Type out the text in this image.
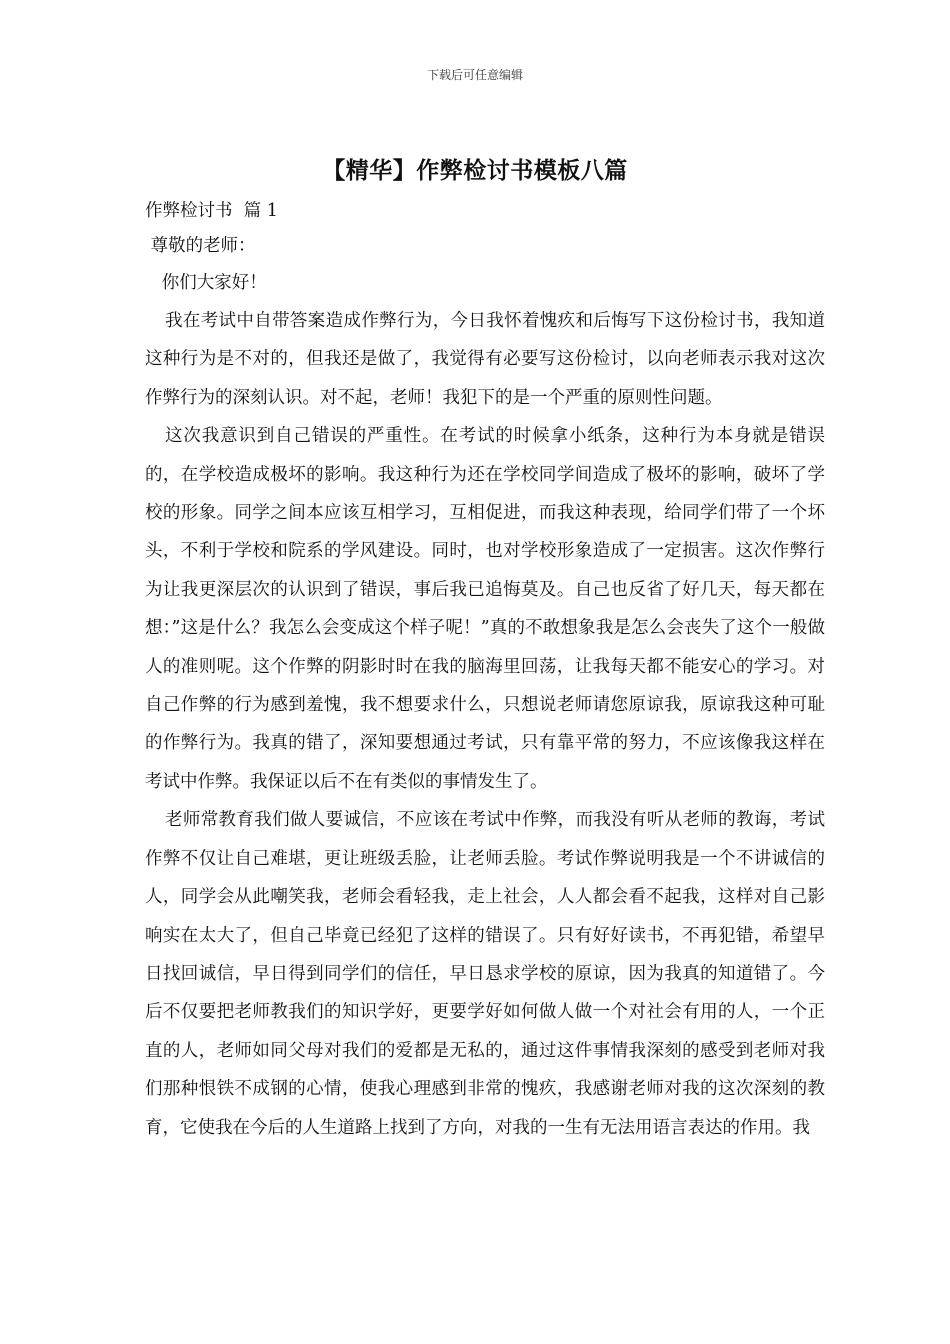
下载后可任意编辑
【精华】作弊检讨书模板八篇
作弊检讨书  篇 1
尊敬的老师：
你们大家好！

我在考试中自带答案造成作弊行为，今日我怀着愧疚和后悔写下这份检讨书，我知道这种行为是不对的，但我还是做了，我觉得有必要写这份检讨，以向老师表示我对这次作弊行为的深刻认识。对不起，老师！我犯下的是一个严重的原则性问题。

这次我意识到自己错误的严重性。在考试的时候拿小纸条，这种行为本身就是错误的，在学校造成极坏的影响。我这种行为还在学校同学间造成了极坏的影响，破坏了学校的形象。同学之间本应该互相学习，互相促进，而我这种表现，给同学们带了一个坏头，不利于学校和院系的学风建设。同时，也对学校形象造成了一定损害。这次作弊行为让我更深层次的认识到了错误，事后我已追悔莫及。自己也反省了好几天，每天都在想：”这是什么？我怎么会变成这个样子呢！”真的不敢想象我是怎么会丧失了这个一般做人的准则呢。这个作弊的阴影时时在我的脑海里回荡，让我每天都不能安心的学习。对自己作弊的行为感到羞愧，我不想要求什么，只想说老师请您原谅我，原谅我这种可耻的作弊行为。我真的错了，深知要想通过考试，只有靠平常的努力，不应该像我这样在考试中作弊。我保证以后不在有类似的事情发生了。

老师常教育我们做人要诚信，不应该在考试中作弊，而我没有听从老师的教诲，考试作弊不仅让自己难堪，更让班级丢脸，让老师丢脸。考试作弊说明我是一个不讲诚信的人，同学会从此嘲笑我，老师会看轻我，走上社会，人人都会看不起我，这样对自己影响实在太大了，但自己毕竟已经犯了这样的错误了。只有好好读书，不再犯错，希望早日找回诚信，早日得到同学们的信任，早日恳求学校的原谅，因为我真的知道错了。今后不仅要把老师教我们的知识学好，更要学好如何做人做一个对社会有用的人，一个正直的人，老师如同父母对我们的爱都是无私的，通过这件事情我深刻的感受到老师对我们那种恨铁不成钢的心情，使我心理感到非常的愧疚，我感谢老师对我的这次深刻的教育，它使我在今后的人生道路上找到了方向，对我的一生有无法用语言表达的作用。我
